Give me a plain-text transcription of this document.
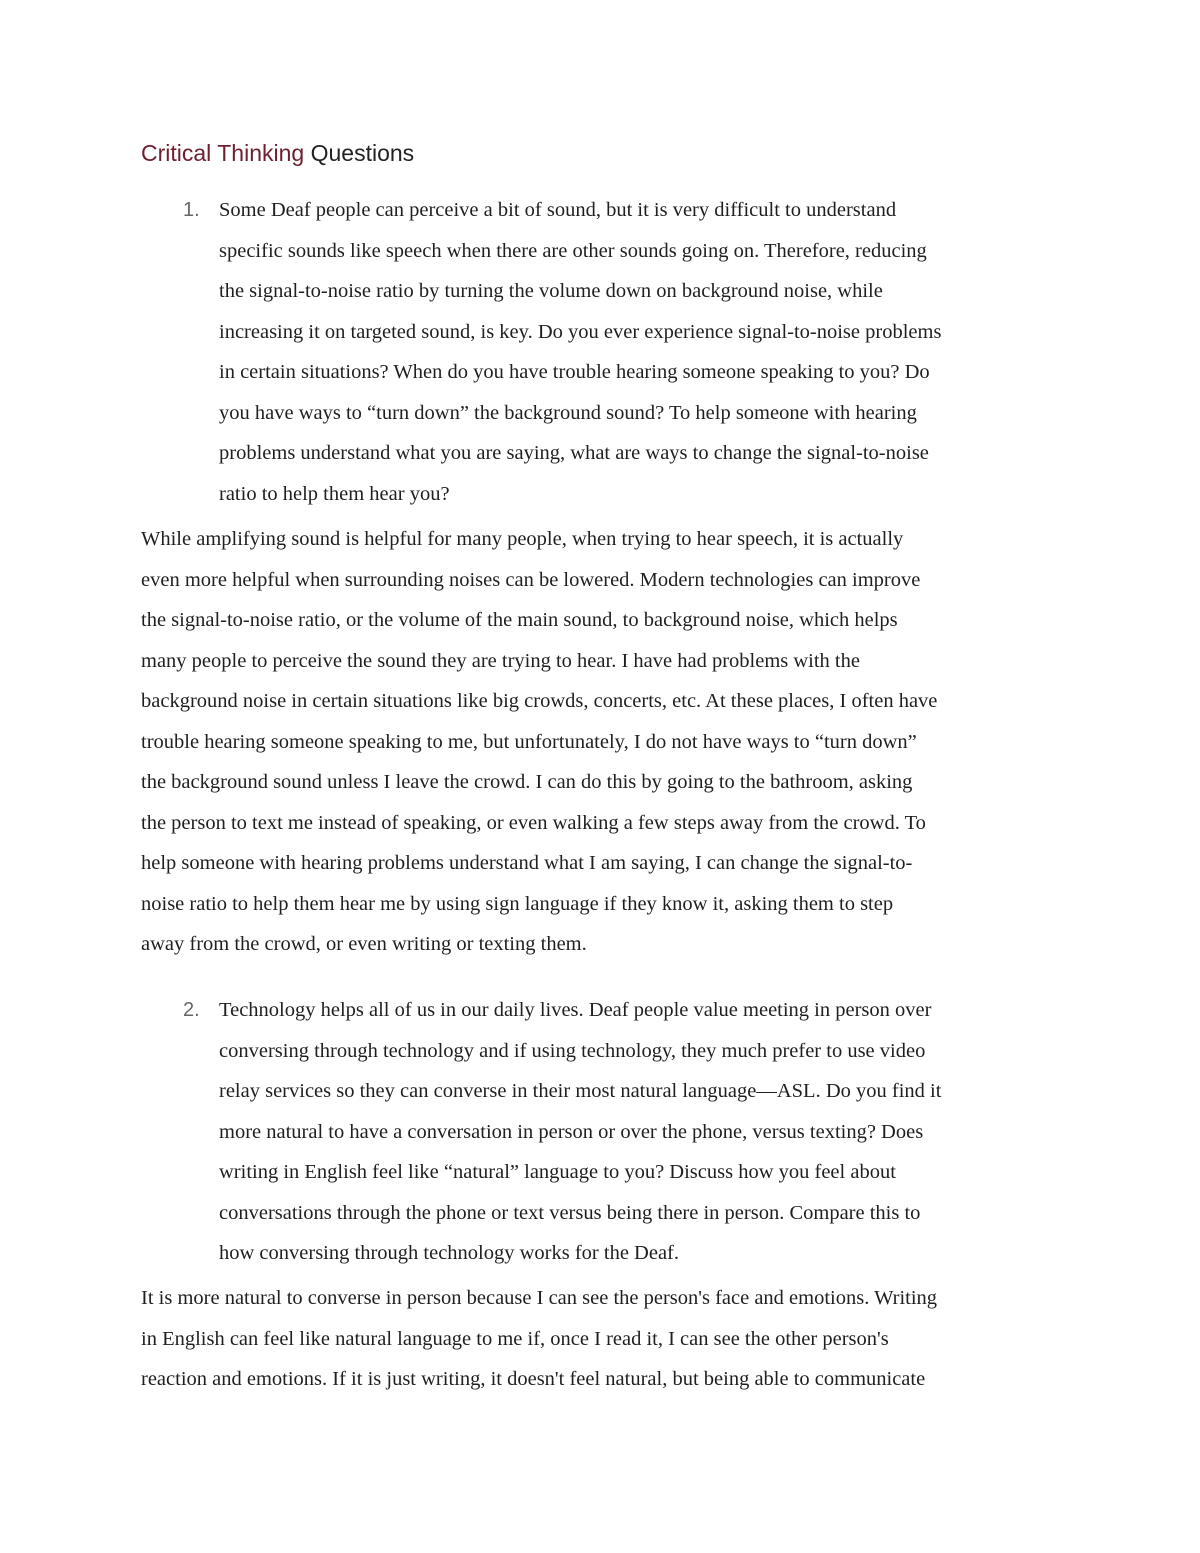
Critical Thinking Questions
1. Some Deaf people can perceive a bit of sound, but it is very difficult to understand
specific sounds like speech when there are other sounds going on. Therefore, reducing
the signal-to-noise ratio by turning the volume down on background noise, while
increasing it on targeted sound, is key. Do you ever experience signal-to-noise problems
in certain situations? When do you have trouble hearing someone speaking to you? Do
you have ways to “turn down” the background sound? To help someone with hearing
problems understand what you are saying, what are ways to change the signal-to-noise
ratio to help them hear you?
While amplifying sound is helpful for many people, when trying to hear speech, it is actually
even more helpful when surrounding noises can be lowered. Modern technologies can improve
the signal-to-noise ratio, or the volume of the main sound, to background noise, which helps
many people to perceive the sound they are trying to hear. I have had problems with the
background noise in certain situations like big crowds, concerts, etc. At these places, I often have
trouble hearing someone speaking to me, but unfortunately, I do not have ways to “turn down”
the background sound unless I leave the crowd. I can do this by going to the bathroom, asking
the person to text me instead of speaking, or even walking a few steps away from the crowd. To
help someone with hearing problems understand what I am saying, I can change the signal-to-
noise ratio to help them hear me by using sign language if they know it, asking them to step
away from the crowd, or even writing or texting them.
2. Technology helps all of us in our daily lives. Deaf people value meeting in person over
conversing through technology and if using technology, they much prefer to use video
relay services so they can converse in their most natural language—ASL. Do you find it
more natural to have a conversation in person or over the phone, versus texting? Does
writing in English feel like “natural” language to you? Discuss how you feel about
conversations through the phone or text versus being there in person. Compare this to
how conversing through technology works for the Deaf.
It is more natural to converse in person because I can see the person's face and emotions. Writing
in English can feel like natural language to me if, once I read it, I can see the other person's
reaction and emotions. If it is just writing, it doesn't feel natural, but being able to communicate
